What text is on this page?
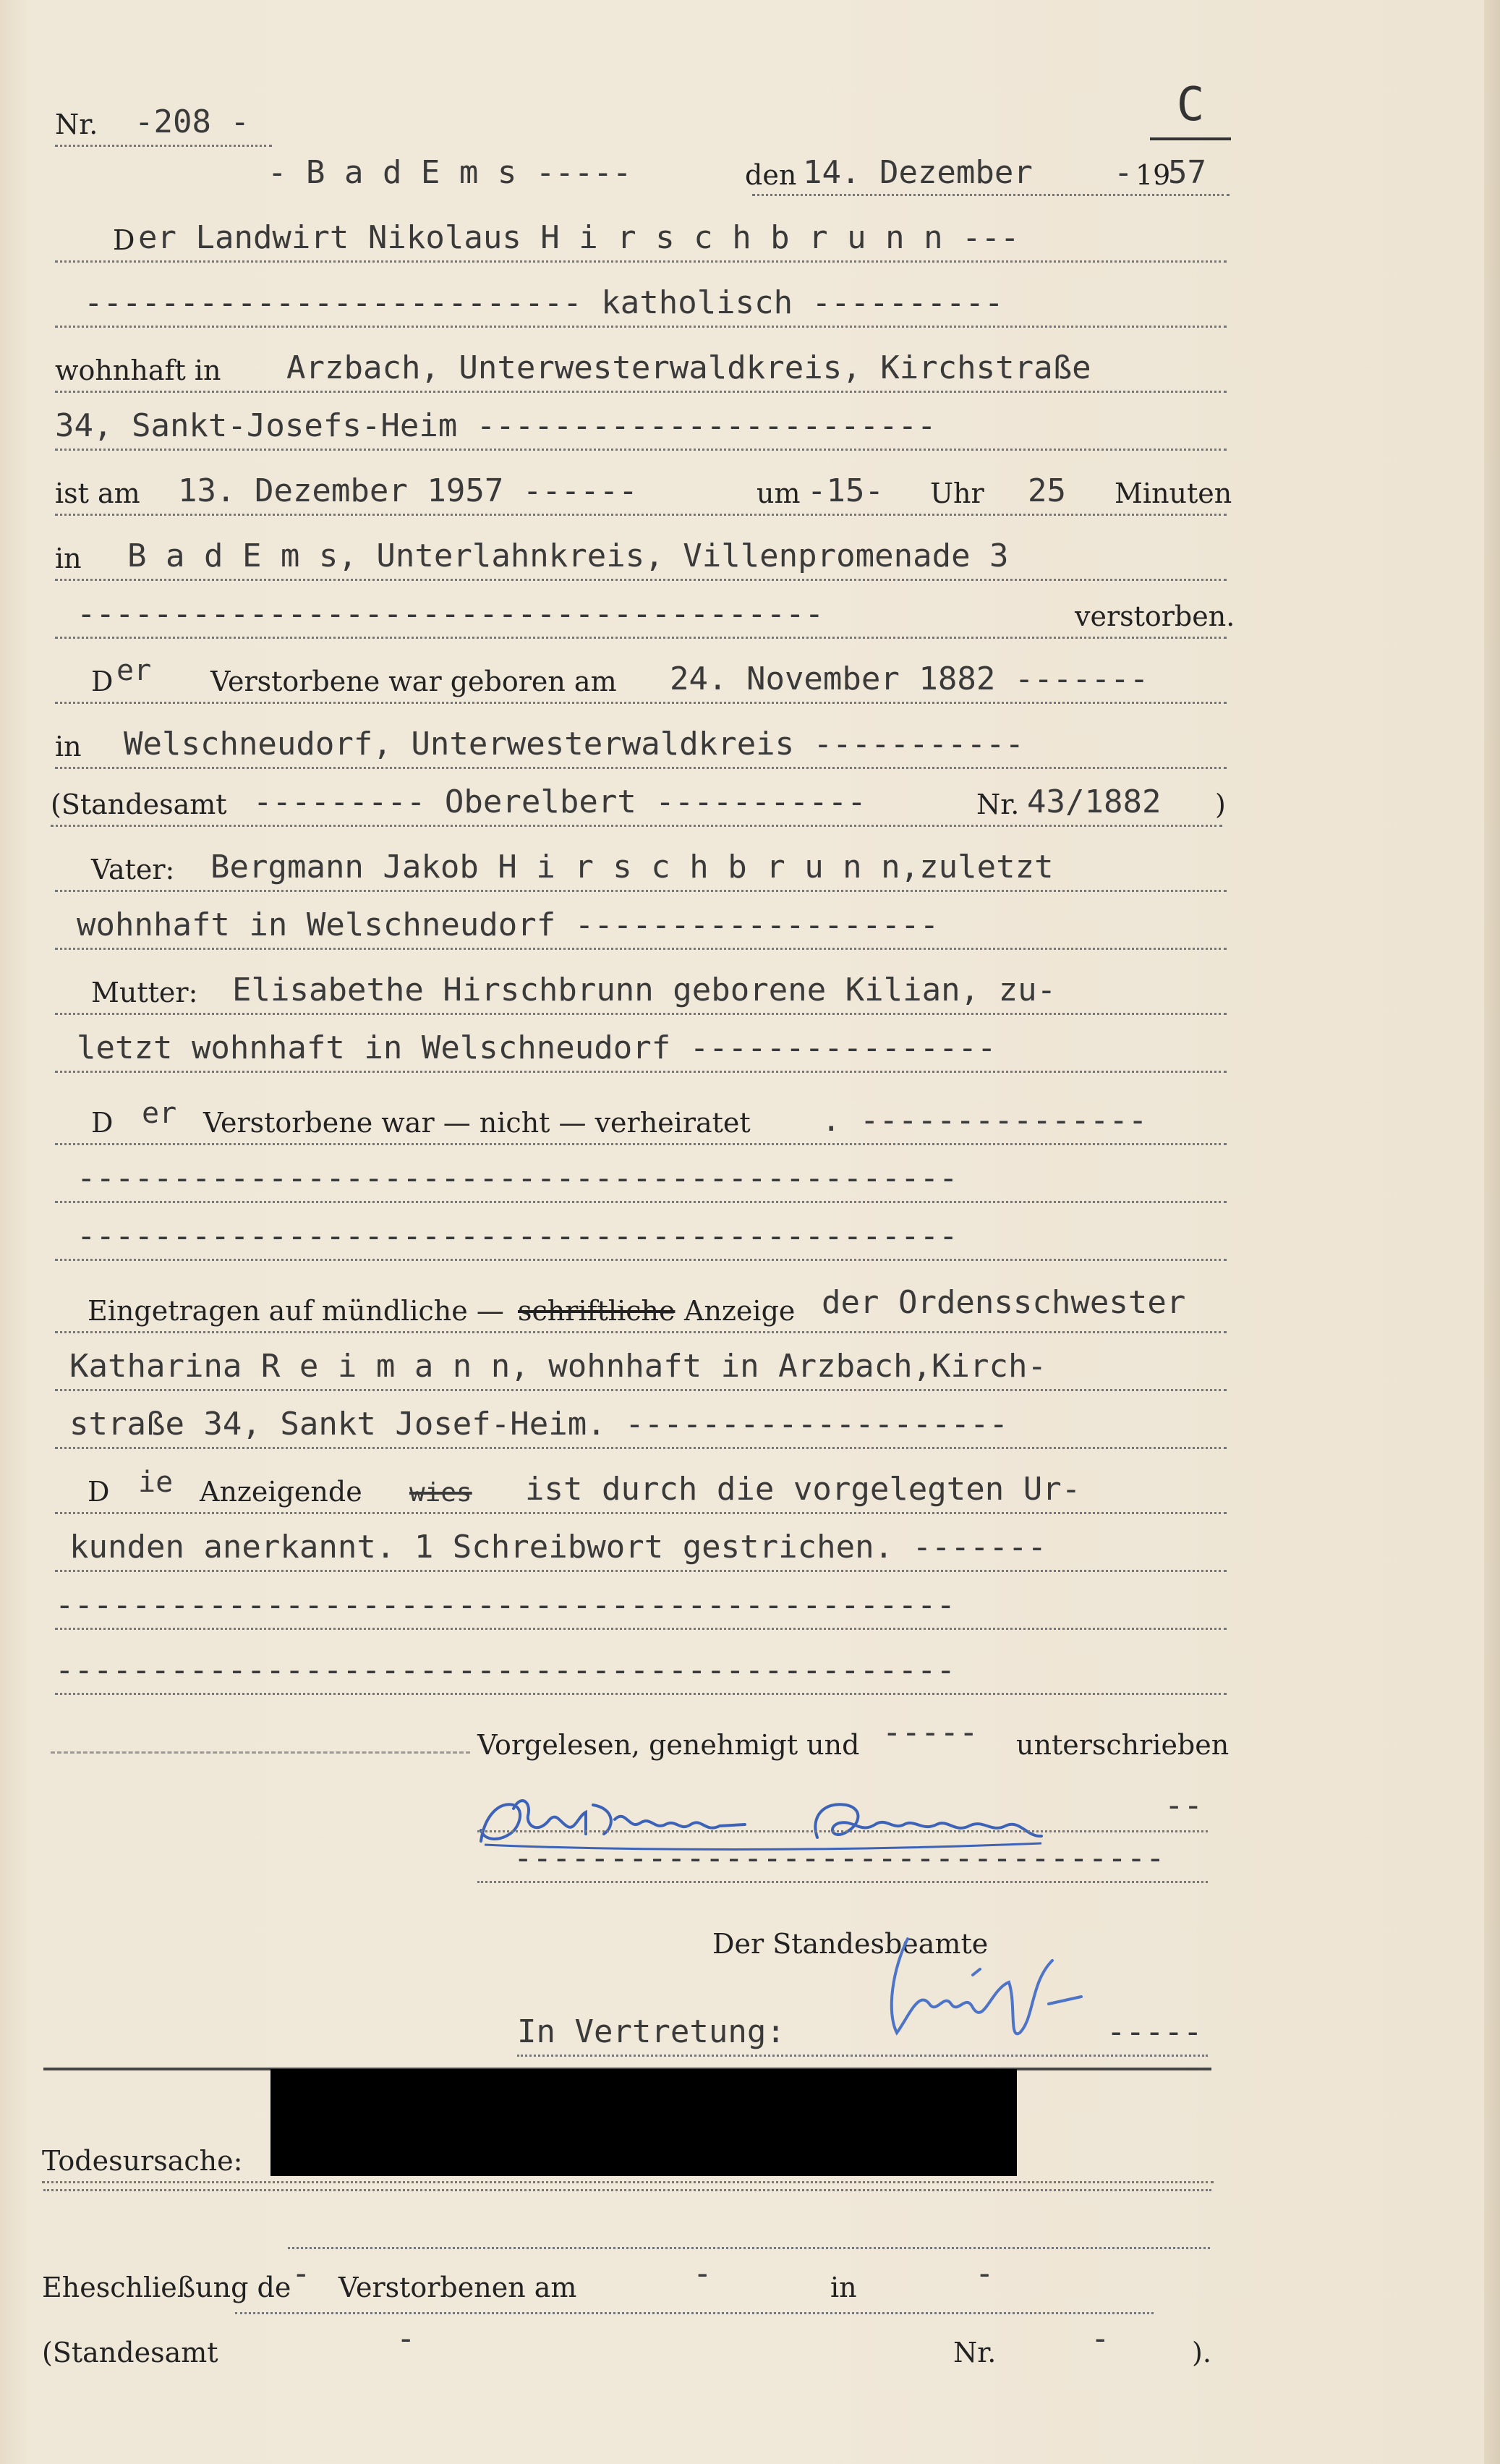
Nr. -208 -	C
- B a d E m s -----	den 14. Dezember	- 19
57
D er Landwirt Nikolaus H i r s c h b r u n n ---
-------------------------- katholisch ----------
wohnhaft in Arzbach, Unterwesterwaldkreis, Kirchstraße
34, Sankt-Josefs-Heim ------------------------
ist am 13. Dezember 1957 ------	um -15- Uhr 25 Minuten
in B a d E m s, Unterlahnkreis, Villenpromenade 3
---------------------------------------	verstorben.
D er Verstorbene war geboren am 24. November 1882 -------
in Welschneudorf, Unterwesterwaldkreis -----------
(Standesamt --------- Oberelbert -----------	Nr. 43/1882 )
Vater: Bergmann Jakob H i r s c h b r u n n,zuletzt
wohnhaft in Welschneudorf -------------------
Mutter: Elisabethe Hirschbrunn geborene Kilian, zu-
letzt wohnhaft in Welschneudorf ----------------
D er Verstorbene war — nicht — verheiratet . ---------------
----------------------------------------------
----------------------------------------------
Eingetragen auf mündliche — schriftliche Anzeige der Ordensschwester
Katharina R e i m a n n, wohnhaft in Arzbach,Kirch-
straße 34, Sankt Josef-Heim. --------------------
D ie Anzeigende wies ist durch die vorgelegten Ur-
kunden anerkannt. 1 Schreibwort gestrichen. -------
-----------------------------------------------
-----------------------------------------------
Vorgelesen, genehmigt und ----- unterschrieben
--
----------------------------------
Der Standesbeamte
In Vertretung:	-----
Todesursache:
Eheschließung de - Verstorbenen am	-	in	-
(Standesamt	-	Nr.	-	).
